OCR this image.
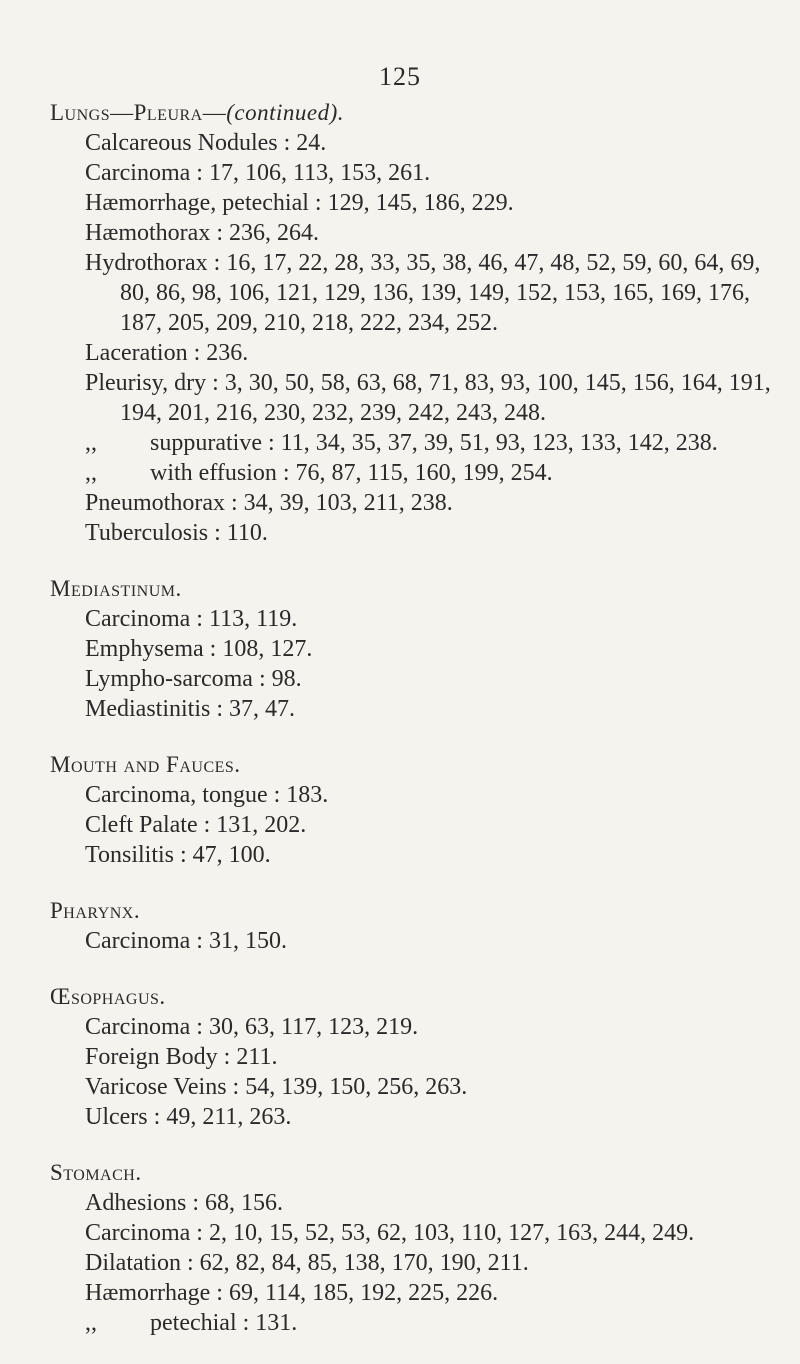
125
Lungs—Pleura—(continued).
Calcareous Nodules : 24.
Carcinoma : 17, 106, 113, 153, 261.
Hæmorrhage, petechial : 129, 145, 186, 229.
Hæmothorax : 236, 264.
Hydrothorax : 16, 17, 22, 28, 33, 35, 38, 46, 47, 48, 52, 59, 60, 64, 69, 80, 86, 98, 106, 121, 129, 136, 139, 149, 152, 153, 165, 169, 176, 187, 205, 209, 210, 218, 222, 234, 252.
Laceration : 236.
Pleurisy, dry : 3, 30, 50, 58, 63, 68, 71, 83, 93, 100, 145, 156, 164, 191, 194, 201, 216, 230, 232, 239, 242, 243, 248.
,, suppurative : 11, 34, 35, 37, 39, 51, 93, 123, 133, 142, 238.
,, with effusion : 76, 87, 115, 160, 199, 254.
Pneumothorax : 34, 39, 103, 211, 238.
Tuberculosis : 110.
Mediastinum.
Carcinoma : 113, 119.
Emphysema : 108, 127.
Lympho-sarcoma : 98.
Mediastinitis : 37, 47.
Mouth and Fauces.
Carcinoma, tongue : 183.
Cleft Palate : 131, 202.
Tonsilitis : 47, 100.
Pharynx.
Carcinoma : 31, 150.
Œsophagus.
Carcinoma : 30, 63, 117, 123, 219.
Foreign Body : 211.
Varicose Veins : 54, 139, 150, 256, 263.
Ulcers : 49, 211, 263.
Stomach.
Adhesions : 68, 156.
Carcinoma : 2, 10, 15, 52, 53, 62, 103, 110, 127, 163, 244, 249.
Dilatation : 62, 82, 84, 85, 138, 170, 190, 211.
Hæmorrhage : 69, 114, 185, 192, 225, 226.
,, petechial : 131.
